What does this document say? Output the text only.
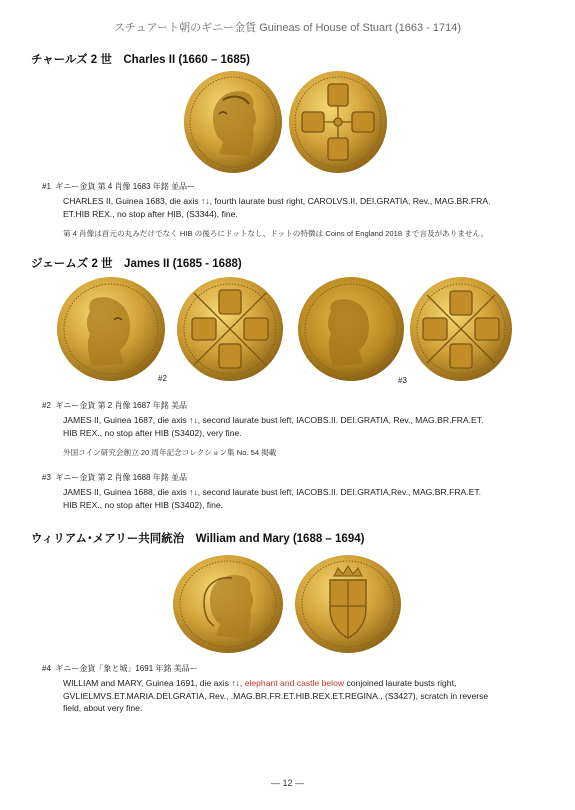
スチュアート朝のギニー金貨 Guineas of House of Stuart (1663 - 1714)
チャールズ 2 世　Charles II (1660 – 1685)
#1 ギニー金貨 第 4 肖像 1683 年銘 並品ー
CHARLES II, Guinea 1683, die axis ↑↓, fourth laurate bust right, CAROLVS.II. DEI.GRATIA, Rev., MAG.BR.FRA.
ET.HIB REX., no stop after HIB, (S3344), fine.
第 4 肖像は首元の丸みだけでなく HIB の後ろにドットなし、ドットの特徴は Coins of England 2018 まで言及がありません。
ジェームズ 2 世　James II (1685 - 1688)
#2	#3
#2 ギニー金貨 第 2 肖像 1687 年銘 美品
JAMES II, Guinea 1687, die axis ↑↓, second laurate bust left, IACOBS.II. DEI.GRATIA, Rev., MAG.BR.FRA.ET.
HIB REX., no stop after HIB (S3402), very fine.
外国コイン研究会創立 20 周年記念コレクション集 No. 54 掲載
#3 ギニー金貨 第 2 肖像 1688 年銘 並品
JAMES II, Guinea 1688, die axis ↑↓, second laurate bust left, IACOBS.II. DEI.GRATIA,Rev., MAG.BR.FRA.ET.
HIB REX., no stop after HIB (S3402), fine.
ウィリアム･メアリー共同統治　William and Mary (1688 – 1694)
#4 ギニー金貨「象と城」1691 年銘 美品ー
WILLIAM and MARY, Guinea 1691, die axis ↑↓, elephant and castle below conjoined laurate busts right,
GVLIELMVS.ET.MARIA.DEI.GRATIA, Rev., .MAG.BR.FR.ET.HIB.REX.ET.REGINA., (S3427), scratch in reverse
field, about very fine.
― 12 ―
